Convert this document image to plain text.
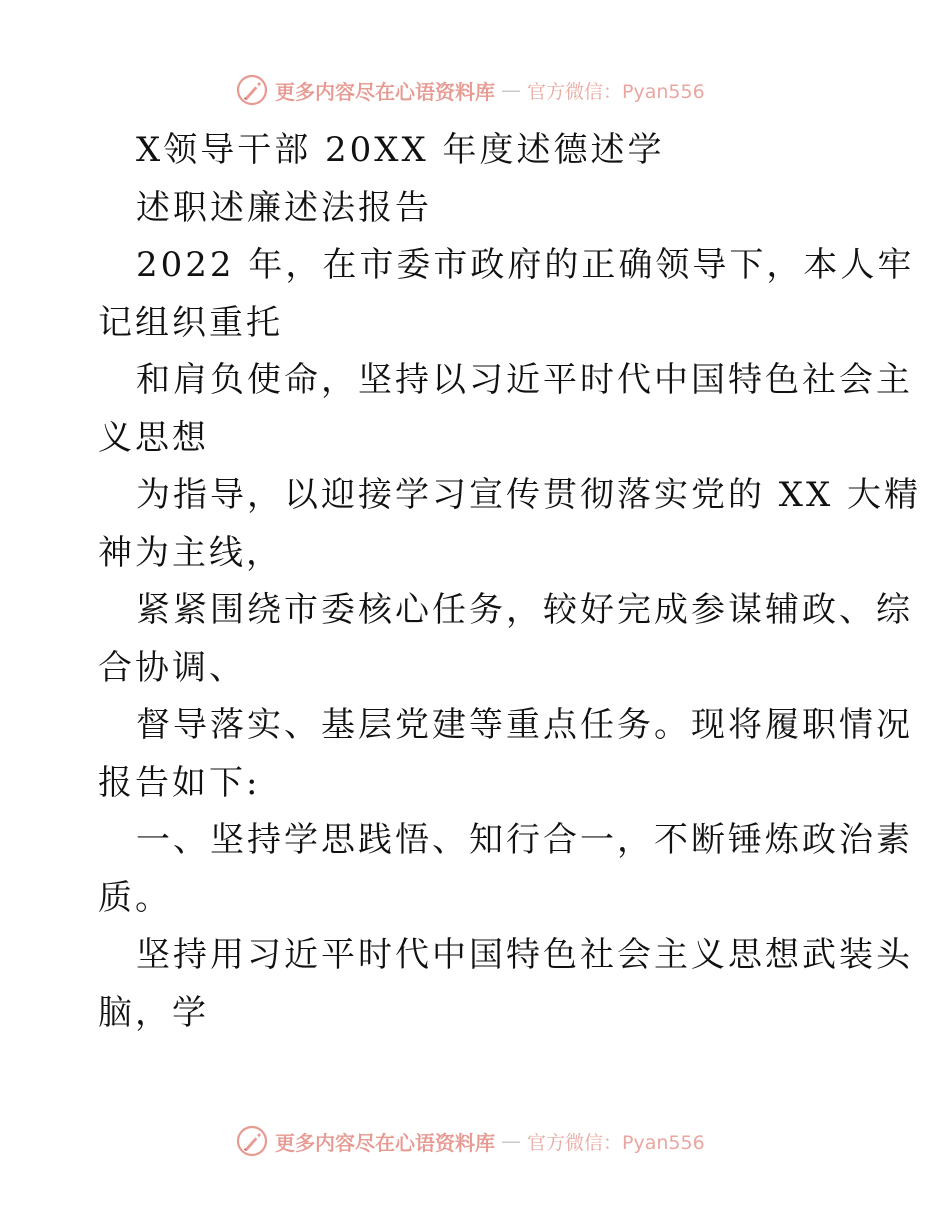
更多内容尽在心语资料库 — 官方微信：Pyan556

X领导干部 20XX 年度述德述学

述职述廉述法报告

2022 年，在市委市政府的正确领导下，本人牢

记组织重托

和肩负使命，坚持以习近平时代中国特色社会主

义思想

为指导，以迎接学习宣传贯彻落实党的 XX 大精

神为主线，

紧紧围绕市委核心任务，较好完成参谋辅政、综

合协调、

督导落实、基层党建等重点任务。现将履职情况

报告如下:

一、坚持学思践悟、知行合一，不断锤炼政治素

质。

坚持用习近平时代中国特色社会主义思想武装头

脑，学

更多内容尽在心语资料库 — 官方微信：Pyan556
